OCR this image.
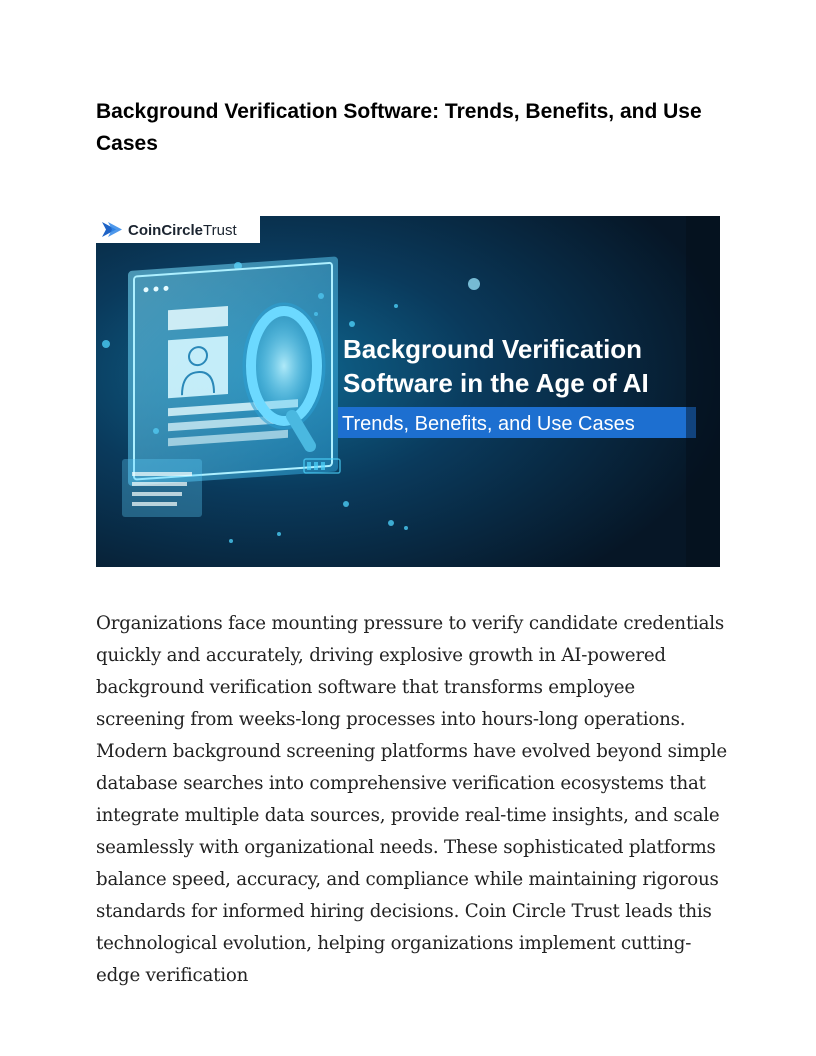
Background Verification Software: Trends, Benefits, and Use Cases
CoinCircleTrust
Background Verification
Software in the Age of AI
Trends, Benefits, and Use Cases

Organizations face mounting pressure to verify candidate credentials quickly and accurately, driving explosive growth in AI-powered background verification software that transforms employee screening from weeks-long processes into hours-long operations. Modern background screening platforms have evolved beyond simple database searches into comprehensive verification ecosystems that integrate multiple data sources, provide real-time insights, and scale seamlessly with organizational needs. These sophisticated platforms balance speed, accuracy, and compliance while maintaining rigorous standards for informed hiring decisions. Coin Circle Trust leads this technological evolution, helping organizations implement cutting-edge verification
